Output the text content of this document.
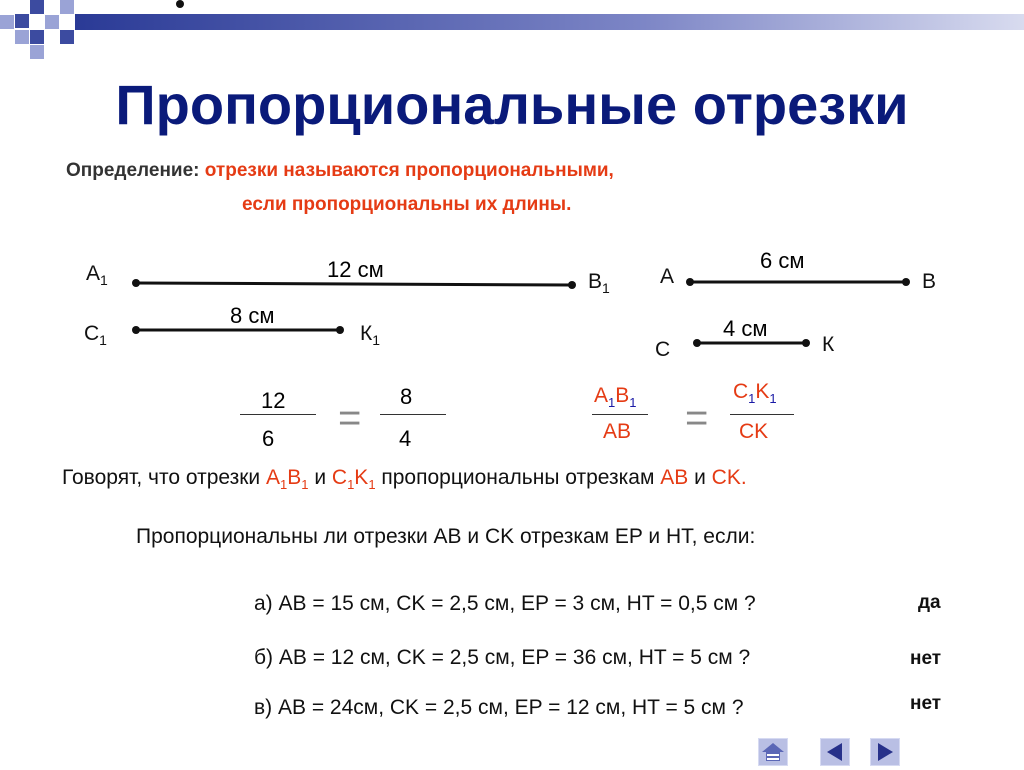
Пропорциональные отрезки
Определение: отрезки называются пропорциональными,
если пропорциональны их длины.
$A_1$	$B_1$
$C_1$	$К_1$
A	B
C	К
12 см
8 см
6 см
4 см
12
6 = 8
4
$A_1B_1$
AB =
$C_1K_1$
CK
Говорят, что отрезки $A_1B_1$ и $C_1K_1$ пропорциональны отрезкам AB и CK.
Пропорциональны ли отрезки AB и CK отрезкам EP и HT, если:
а) AB = 15 см, CK = 2,5 см, EP = 3 см, HT = 0,5 см ?	да
б) AB = 12 см, CK = 2,5 см, EP = 36 см, HT = 5 см ?	нет
в) AB = 24см, CK = 2,5 см, EP = 12 см, HT = 5 см ?	нет
